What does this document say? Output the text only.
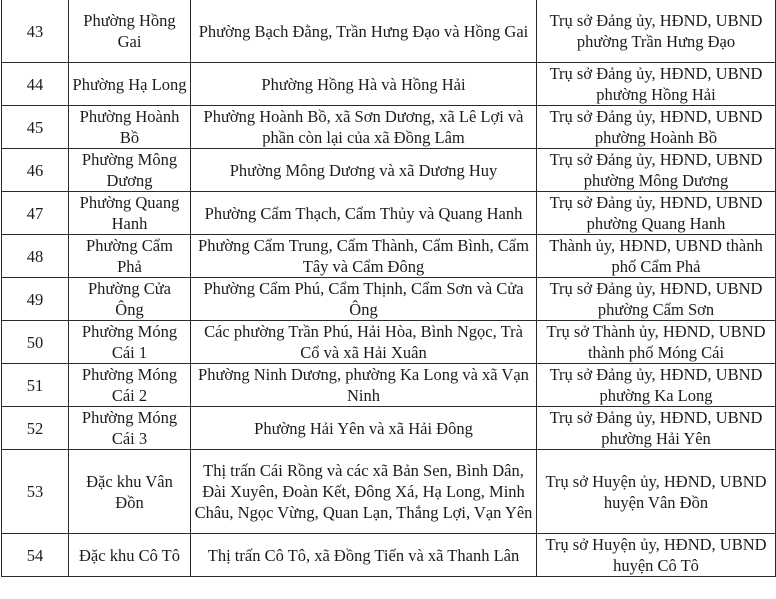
43	Phường Hồng Gai	Phường Bạch Đằng, Trần Hưng Đạo và Hồng Gai	Trụ sở Đảng ủy, HĐND, UBND phường Trần Hưng Đạo
44	Phường Hạ Long	Phường Hồng Hà và Hồng Hải	Trụ sở Đảng ủy, HĐND, UBND phường Hồng Hải
45	Phường Hoành Bồ	Phường Hoành Bồ, xã Sơn Dương, xã Lê Lợi và phần còn lại của xã Đồng Lâm	Trụ sở Đảng ủy, HĐND, UBND phường Hoành Bồ
46	Phường Mông Dương	Phường Mông Dương và xã Dương Huy	Trụ sở Đảng ủy, HĐND, UBND phường Mông Dương
47	Phường Quang Hanh	Phường Cẩm Thạch, Cẩm Thủy và Quang Hanh	Trụ sở Đảng ủy, HĐND, UBND phường Quang Hanh
48	Phường Cẩm Phả	Phường Cẩm Trung, Cẩm Thành, Cẩm Bình, Cẩm Tây và Cẩm Đông	Thành ủy, HĐND, UBND thành phố Cẩm Phả
49	Phường Cửa Ông	Phường Cẩm Phú, Cẩm Thịnh, Cẩm Sơn và Cửa Ông	Trụ sở Đảng ủy, HĐND, UBND phường Cẩm Sơn
50	Phường Móng Cái 1	Các phường Trần Phú, Hải Hòa, Bình Ngọc, Trà Cổ và xã Hải Xuân	Trụ sở Thành ủy, HĐND, UBND thành phố Móng Cái
51	Phường Móng Cái 2	Phường Ninh Dương, phường Ka Long và xã Vạn Ninh	Trụ sở Đảng ủy, HĐND, UBND phường Ka Long
52	Phường Móng Cái 3	Phường Hải Yên và xã Hải Đông	Trụ sở Đảng ủy, HĐND, UBND phường Hải Yên
53	Đặc khu Vân Đồn	Thị trấn Cái Rồng và các xã Bản Sen, Bình Dân, Đài Xuyên, Đoàn Kết, Đông Xá, Hạ Long, Minh Châu, Ngọc Vừng, Quan Lạn, Thắng Lợi, Vạn Yên	Trụ sở Huyện ủy, HĐND, UBND huyện Vân Đồn
54	Đặc khu Cô Tô	Thị trấn Cô Tô, xã Đồng Tiến và xã Thanh Lân	Trụ sở Huyện ủy, HĐND, UBND huyện Cô Tô
